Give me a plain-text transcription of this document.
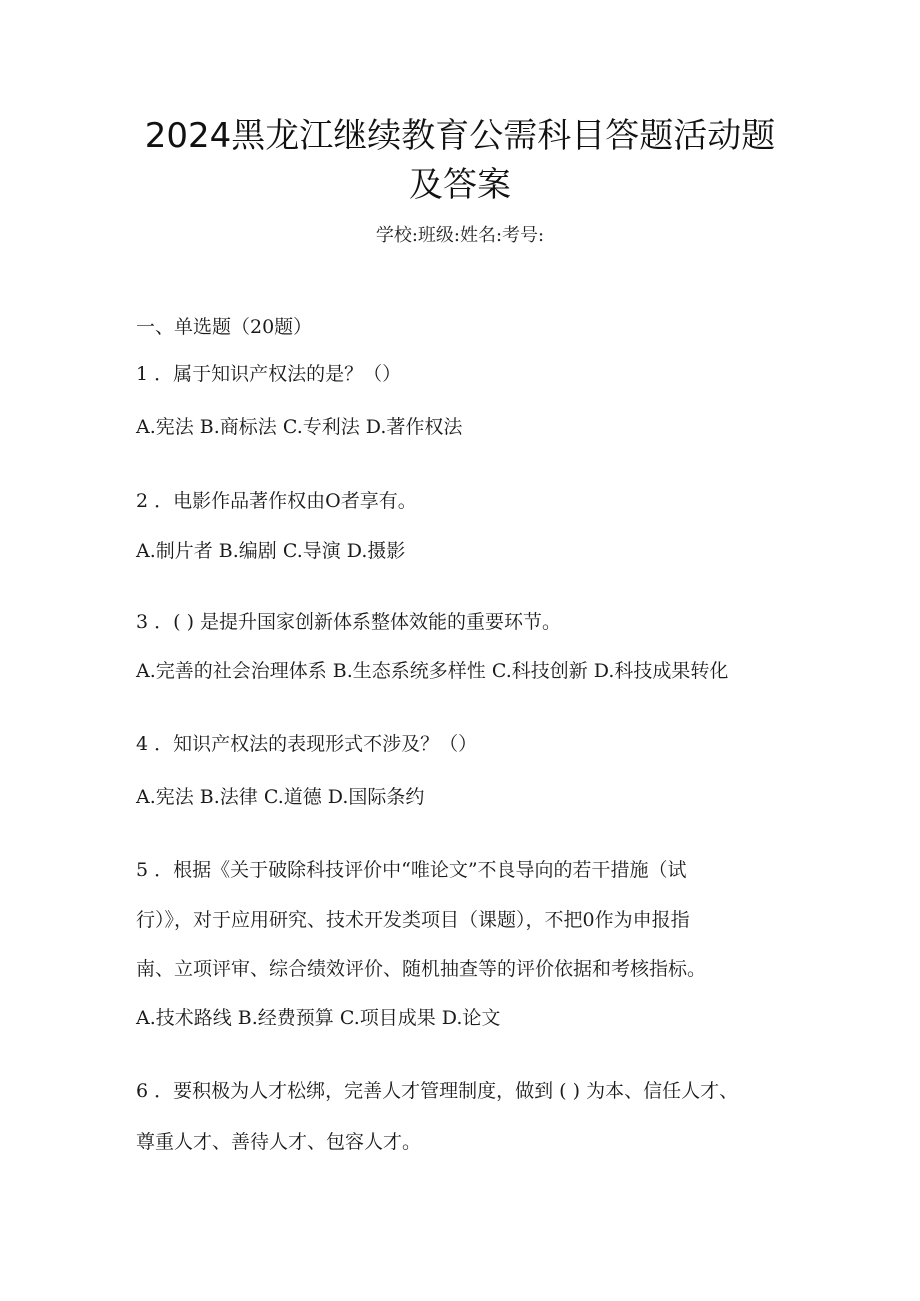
2024黑龙江继续教育公需科目答题活动题
及答案
学校:班级:姓名:考号:
一、单选题（20题）
1 ．属于知识产权法的是？（）
A.宪法 B.商标法 C.专利法 D.著作权法
2 ．电影作品著作权由O者享有。
A.制片者 B.编剧 C.导演 D.摄影
3 ．( ) 是提升国家创新体系整体效能的重要环节。
A.完善的社会治理体系 B.生态系统多样性 C.科技创新 D.科技成果转化
4 ．知识产权法的表现形式不涉及？（）
A.宪法 B.法律 C.道德 D.国际条约
5 ．根据《关于破除科技评价中“唯论文”不良导向的若干措施（试
行）》，对于应用研究、技术开发类项目（课题），不把0作为申报指
南、立项评审、综合绩效评价、随机抽查等的评价依据和考核指标。
A.技术路线 B.经费预算 C.项目成果 D.论文
6 ．要积极为人才松绑，完善人才管理制度，做到 ( ) 为本、信任人才、
尊重人才、善待人才、包容人才。
